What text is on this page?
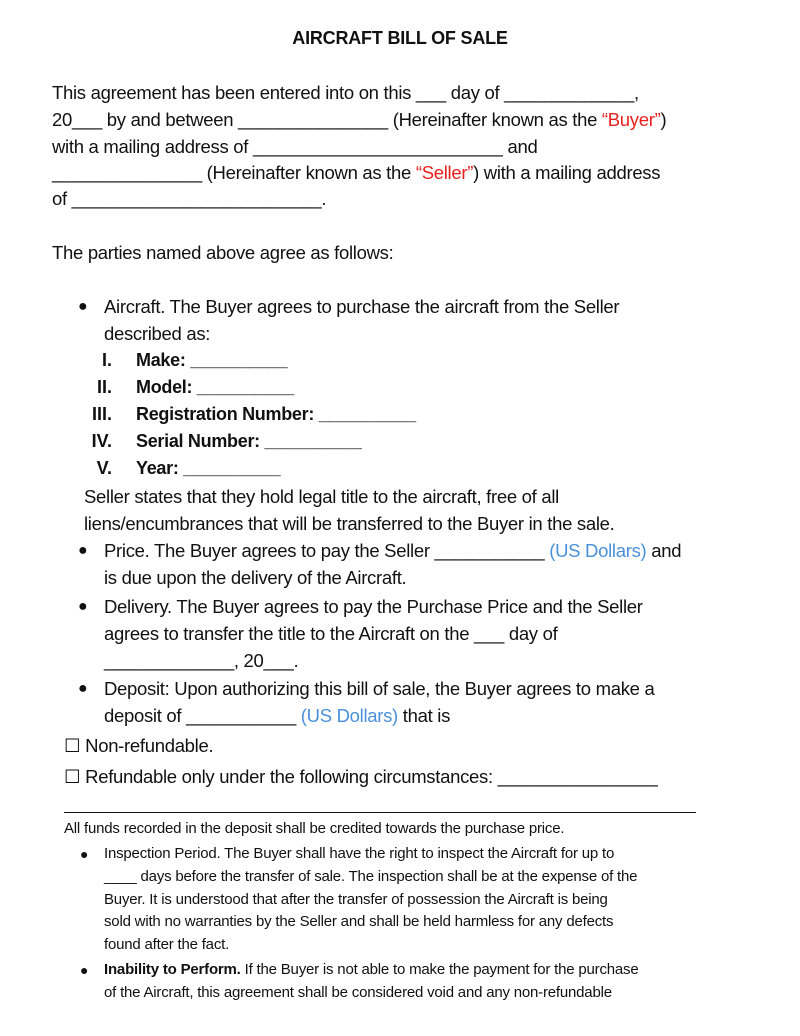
AIRCRAFT BILL OF SALE
This agreement has been entered into on this ___ day of _____________,
20___ by and between _______________ (Hereinafter known as the “Buyer”)
with a mailing address of _________________________ and
_______________ (Hereinafter known as the “Seller”) with a mailing address
of _________________________.
The parties named above agree as follows:
● Aircraft. The Buyer agrees to purchase the aircraft from the Seller
described as:
I. Make: __________
II. Model: __________
III. Registration Number: __________
IV. Serial Number: __________
V. Year: __________
Seller states that they hold legal title to the aircraft, free of all
liens/encumbrances that will be transferred to the Buyer in the sale.
● Price. The Buyer agrees to pay the Seller ___________ (US Dollars) and
is due upon the delivery of the Aircraft.
● Delivery. The Buyer agrees to pay the Purchase Price and the Seller
agrees to transfer the title to the Aircraft on the ___ day of
_____________, 20___.
● Deposit: Upon authorizing this bill of sale, the Buyer agrees to make a
deposit of ___________ (US Dollars) that is
☐ Non-refundable.
☐ Refundable only under the following circumstances: ________________
All funds recorded in the deposit shall be credited towards the purchase price.
● Inspection Period. The Buyer shall have the right to inspect the Aircraft for up to
____ days before the transfer of sale. The inspection shall be at the expense of the
Buyer. It is understood that after the transfer of possession the Aircraft is being
sold with no warranties by the Seller and shall be held harmless for any defects
found after the fact.
● Inability to Perform. If the Buyer is not able to make the payment for the purchase
of the Aircraft, this agreement shall be considered void and any non-refundable
